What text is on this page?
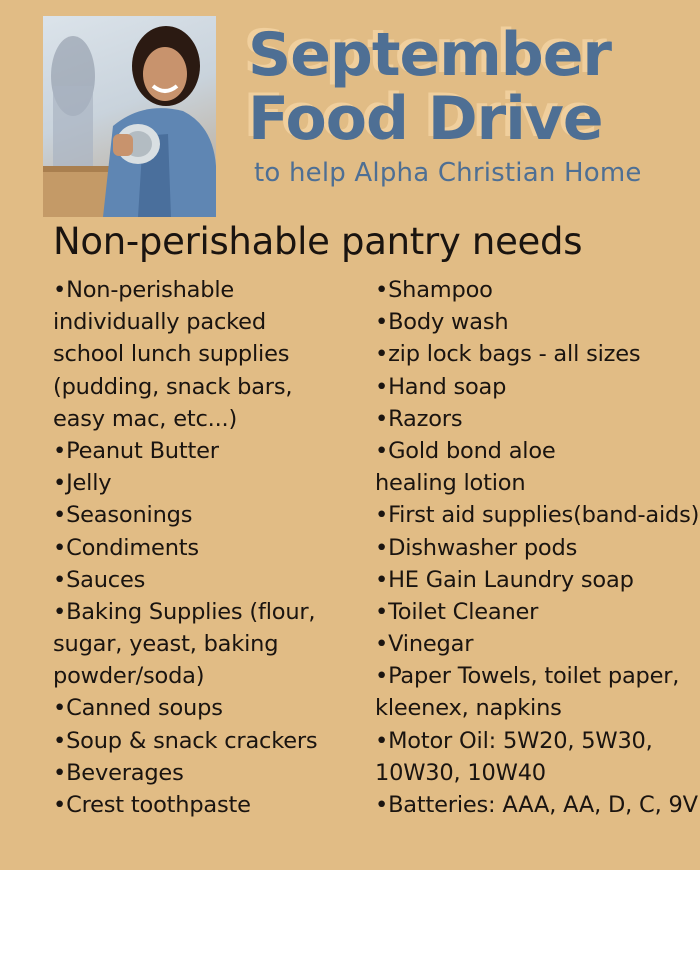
September
Food Drive
to help Alpha Christian Home
Non-perishable pantry needs
•Non-perishable
individually packed
school lunch supplies
(pudding, snack bars,
easy mac, etc...)
•Peanut Butter
•Jelly
•Seasonings
•Condiments
•Sauces
•Baking Supplies (flour,
sugar, yeast, baking
powder/soda)
•Canned soups
•Soup & snack crackers
•Beverages
•Crest toothpaste
•Shampoo
•Body wash
•zip lock bags - all sizes
•Hand soap
•Razors
•Gold bond aloe
healing lotion
•First aid supplies(band-aids)
•Dishwasher pods
•HE Gain Laundry soap
•Toilet Cleaner
•Vinegar
•Paper Towels, toilet paper,
kleenex, napkins
•Motor Oil: 5W20, 5W30,
10W30, 10W40
•Batteries: AAA, AA, D, C, 9V
